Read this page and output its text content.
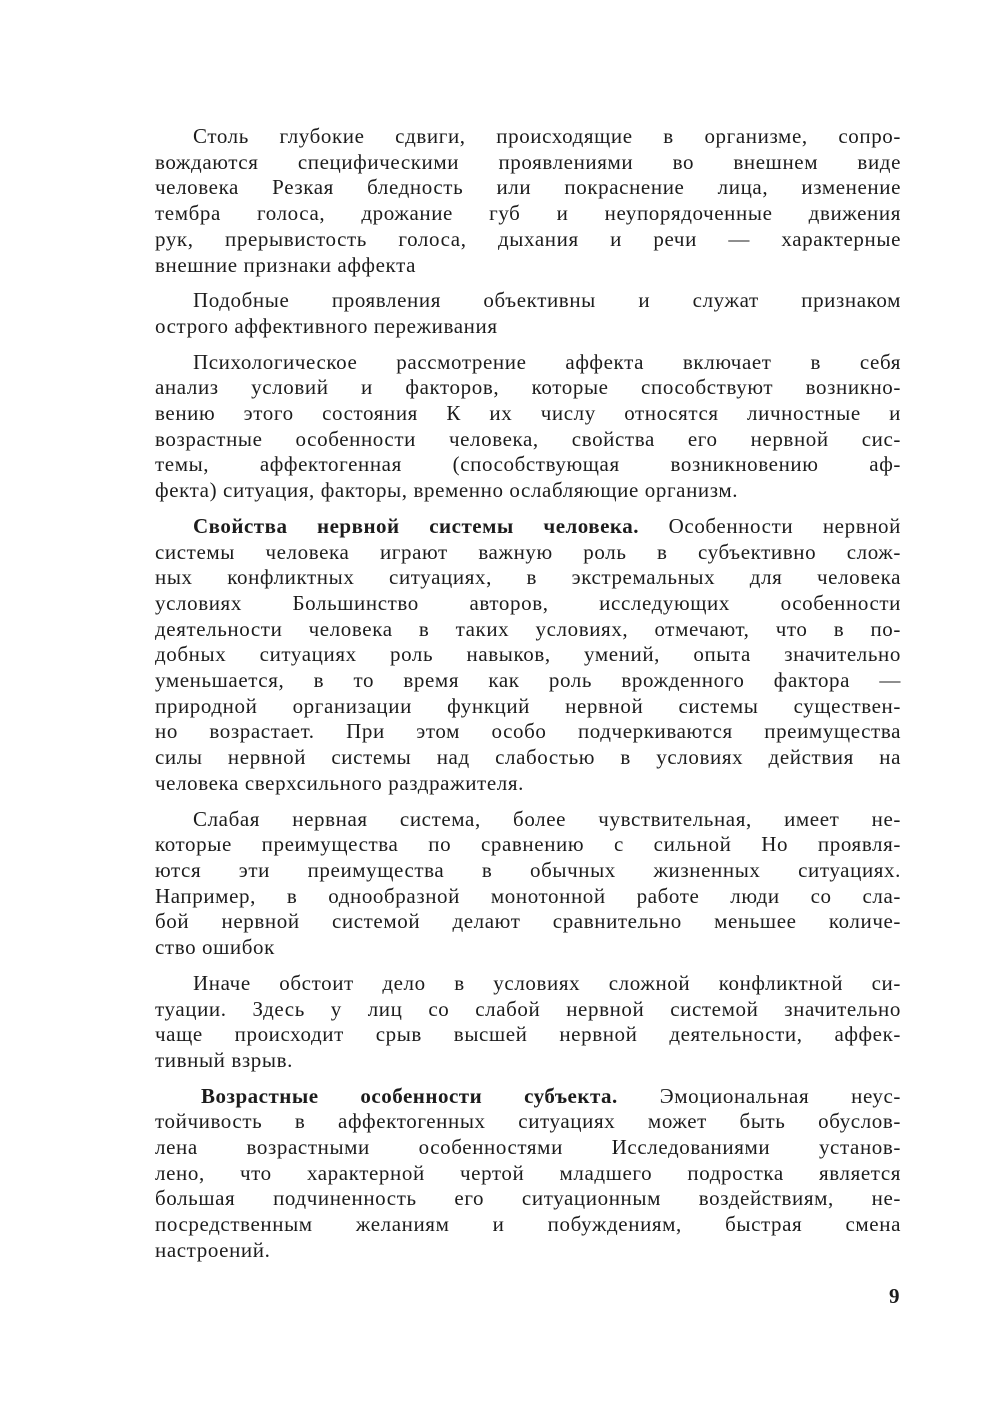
Столь глубокие сдвиги, происходящие в организме, сопро-
вождаются специфическими проявлениями во внешнем виде
человека Резкая бледность или покраснение лица, изменение
тембра голоса, дрожание губ и неупорядоченные движения
рук, прерывистость голоса, дыхания и речи — характерные
внешние признаки аффекта
Подобные проявления объективны и служат признаком
острого аффективного переживания
Психологическое рассмотрение аффекта включает в себя
анализ условий и факторов, которые способствуют возникно-
вению этого состояния К их числу относятся личностные и
возрастные особенности человека, свойства его нервной сис-
темы, аффектогенная (способствующая возникновению аф-
фекта) ситуация, факторы, временно ослабляющие организм.
Свойства нервной системы человека. Особенности нервной
системы человека играют важную роль в субъективно слож-
ных конфликтных ситуациях, в экстремальных для человека
условиях Большинство авторов, исследующих особенности
деятельности человека в таких условиях, отмечают, что в по-
добных ситуациях роль навыков, умений, опыта значительно
уменьшается, в то время как роль врожденного фактора —
природной организации функций нервной системы существен-
но возрастает. При этом особо подчеркиваются преимущества
силы нервной системы над слабостью в условиях действия на
человека сверхсильного раздражителя.
Слабая нервная система, более чувствительная, имеет не-
которые преимущества по сравнению с сильной Но проявля-
ются эти преимущества в обычных жизненных ситуациях.
Например, в однообразной монотонной работе люди со сла-
бой нервной системой делают сравнительно меньшее количе-
ство ошибок
Иначе обстоит дело в условиях сложной конфликтной си-
туации. Здесь у лиц со слабой нервной системой значительно
чаще происходит срыв высшей нервной деятельности, аффек-
тивный взрыв.
Возрастные особенности субъекта. Эмоциональная неус-
тойчивость в аффектогенных ситуациях может быть обуслов-
лена возрастными особенностями Исследованиями установ-
лено, что характерной чертой младшего подростка является
большая подчиненность его ситуационным воздействиям, не-
посредственным желаниям и побуждениям, быстрая смена
настроений.
9
